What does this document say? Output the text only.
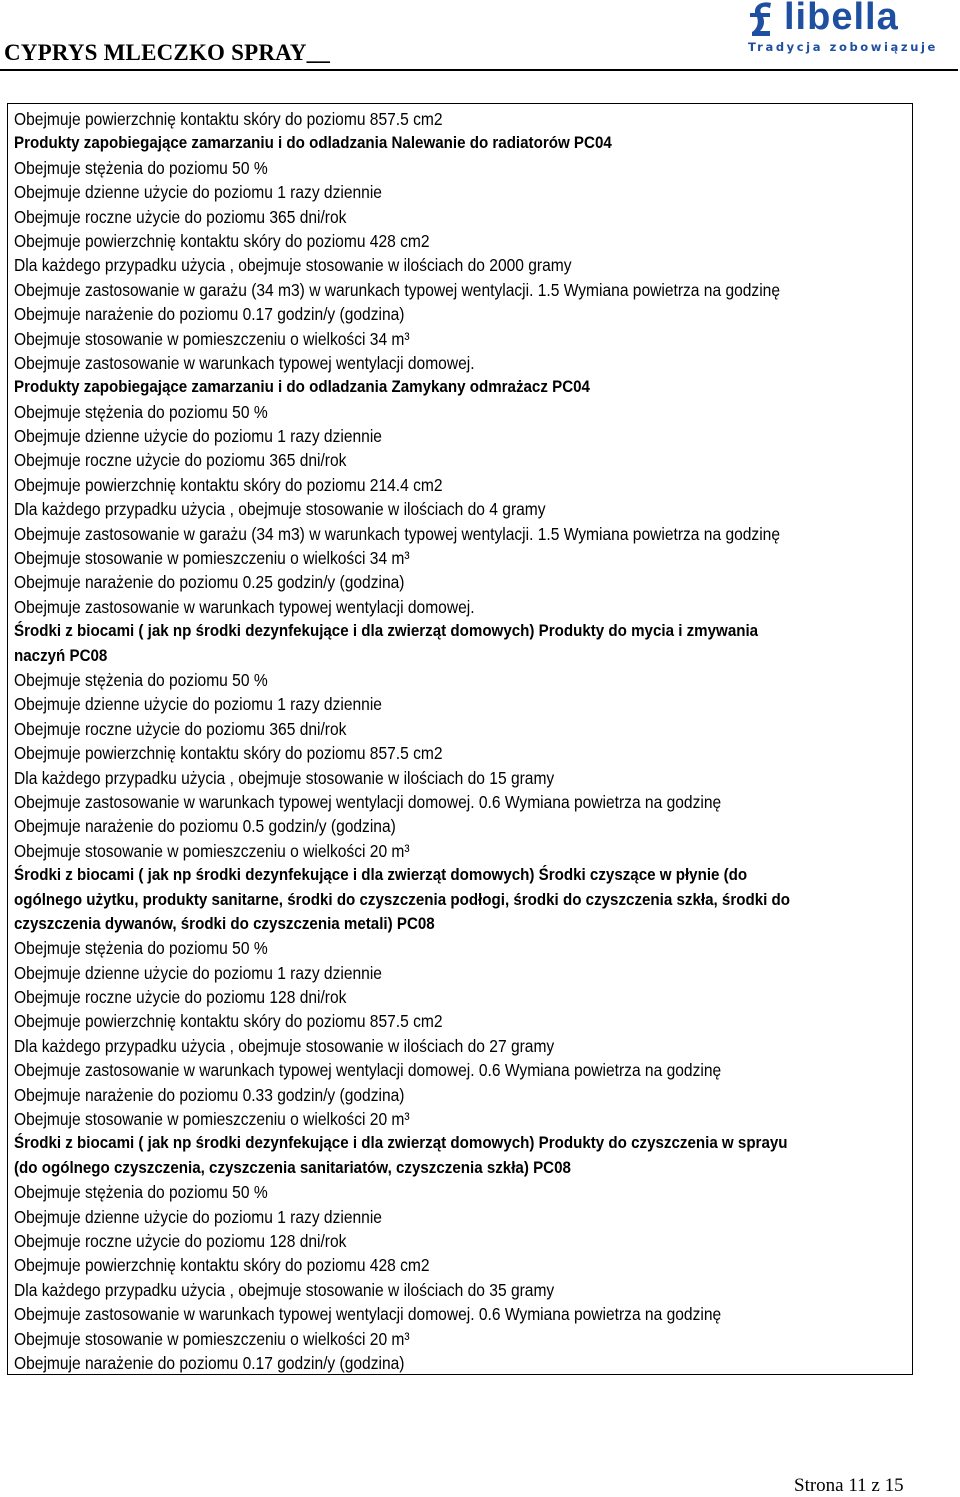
CYPRYS MLECZKO SPRAY__
libella
Tradycja zobowiązuje
Obejmuje powierzchnię kontaktu skóry do poziomu 857.5 cm2
Produkty zapobiegające zamarzaniu i do odladzania Nalewanie do radiatorów PC04
Obejmuje stężenia do poziomu 50 %
Obejmuje dzienne użycie do poziomu 1 razy dziennie
Obejmuje roczne użycie do poziomu 365 dni/rok
Obejmuje powierzchnię kontaktu skóry do poziomu 428 cm2
Dla każdego przypadku użycia , obejmuje stosowanie w ilościach do 2000 gramy
Obejmuje zastosowanie w garażu (34 m3) w warunkach typowej wentylacji. 1.5 Wymiana powietrza na godzinę
Obejmuje narażenie do poziomu 0.17 godzin/y (godzina)
Obejmuje stosowanie w pomieszczeniu o wielkości 34 m³
Obejmuje zastosowanie w warunkach typowej wentylacji domowej.
Produkty zapobiegające zamarzaniu i do odladzania Zamykany odmrażacz PC04
Obejmuje stężenia do poziomu 50 %
Obejmuje dzienne użycie do poziomu 1 razy dziennie
Obejmuje roczne użycie do poziomu 365 dni/rok
Obejmuje powierzchnię kontaktu skóry do poziomu 214.4 cm2
Dla każdego przypadku użycia , obejmuje stosowanie w ilościach do 4 gramy
Obejmuje zastosowanie w garażu (34 m3) w warunkach typowej wentylacji. 1.5 Wymiana powietrza na godzinę
Obejmuje stosowanie w pomieszczeniu o wielkości 34 m³
Obejmuje narażenie do poziomu 0.25 godzin/y (godzina)
Obejmuje zastosowanie w warunkach typowej wentylacji domowej.
Środki z biocami ( jak np środki dezynfekujące i dla zwierząt domowych) Produkty do mycia i zmywania
naczyń PC08
Obejmuje stężenia do poziomu 50 %
Obejmuje dzienne użycie do poziomu 1 razy dziennie
Obejmuje roczne użycie do poziomu 365 dni/rok
Obejmuje powierzchnię kontaktu skóry do poziomu 857.5 cm2
Dla każdego przypadku użycia , obejmuje stosowanie w ilościach do 15 gramy
Obejmuje zastosowanie w warunkach typowej wentylacji domowej. 0.6 Wymiana powietrza na godzinę
Obejmuje narażenie do poziomu 0.5 godzin/y (godzina)
Obejmuje stosowanie w pomieszczeniu o wielkości 20 m³
Środki z biocami ( jak np środki dezynfekujące i dla zwierząt domowych) Środki czyszące w płynie (do
ogólnego użytku, produkty sanitarne, środki do czyszczenia podłogi, środki do czyszczenia szkła, środki do
czyszczenia dywanów, środki do czyszczenia metali) PC08
Obejmuje stężenia do poziomu 50 %
Obejmuje dzienne użycie do poziomu 1 razy dziennie
Obejmuje roczne użycie do poziomu 128 dni/rok
Obejmuje powierzchnię kontaktu skóry do poziomu 857.5 cm2
Dla każdego przypadku użycia , obejmuje stosowanie w ilościach do 27 gramy
Obejmuje zastosowanie w warunkach typowej wentylacji domowej. 0.6 Wymiana powietrza na godzinę
Obejmuje narażenie do poziomu 0.33 godzin/y (godzina)
Obejmuje stosowanie w pomieszczeniu o wielkości 20 m³
Środki z biocami ( jak np środki dezynfekujące i dla zwierząt domowych) Produkty do czyszczenia w sprayu
(do ogólnego czyszczenia, czyszczenia sanitariatów, czyszczenia szkła) PC08
Obejmuje stężenia do poziomu 50 %
Obejmuje dzienne użycie do poziomu 1 razy dziennie
Obejmuje roczne użycie do poziomu 128 dni/rok
Obejmuje powierzchnię kontaktu skóry do poziomu 428 cm2
Dla każdego przypadku użycia , obejmuje stosowanie w ilościach do 35 gramy
Obejmuje zastosowanie w warunkach typowej wentylacji domowej. 0.6 Wymiana powietrza na godzinę
Obejmuje stosowanie w pomieszczeniu o wielkości 20 m³
Obejmuje narażenie do poziomu 0.17 godzin/y (godzina)
Strona 11 z 15
